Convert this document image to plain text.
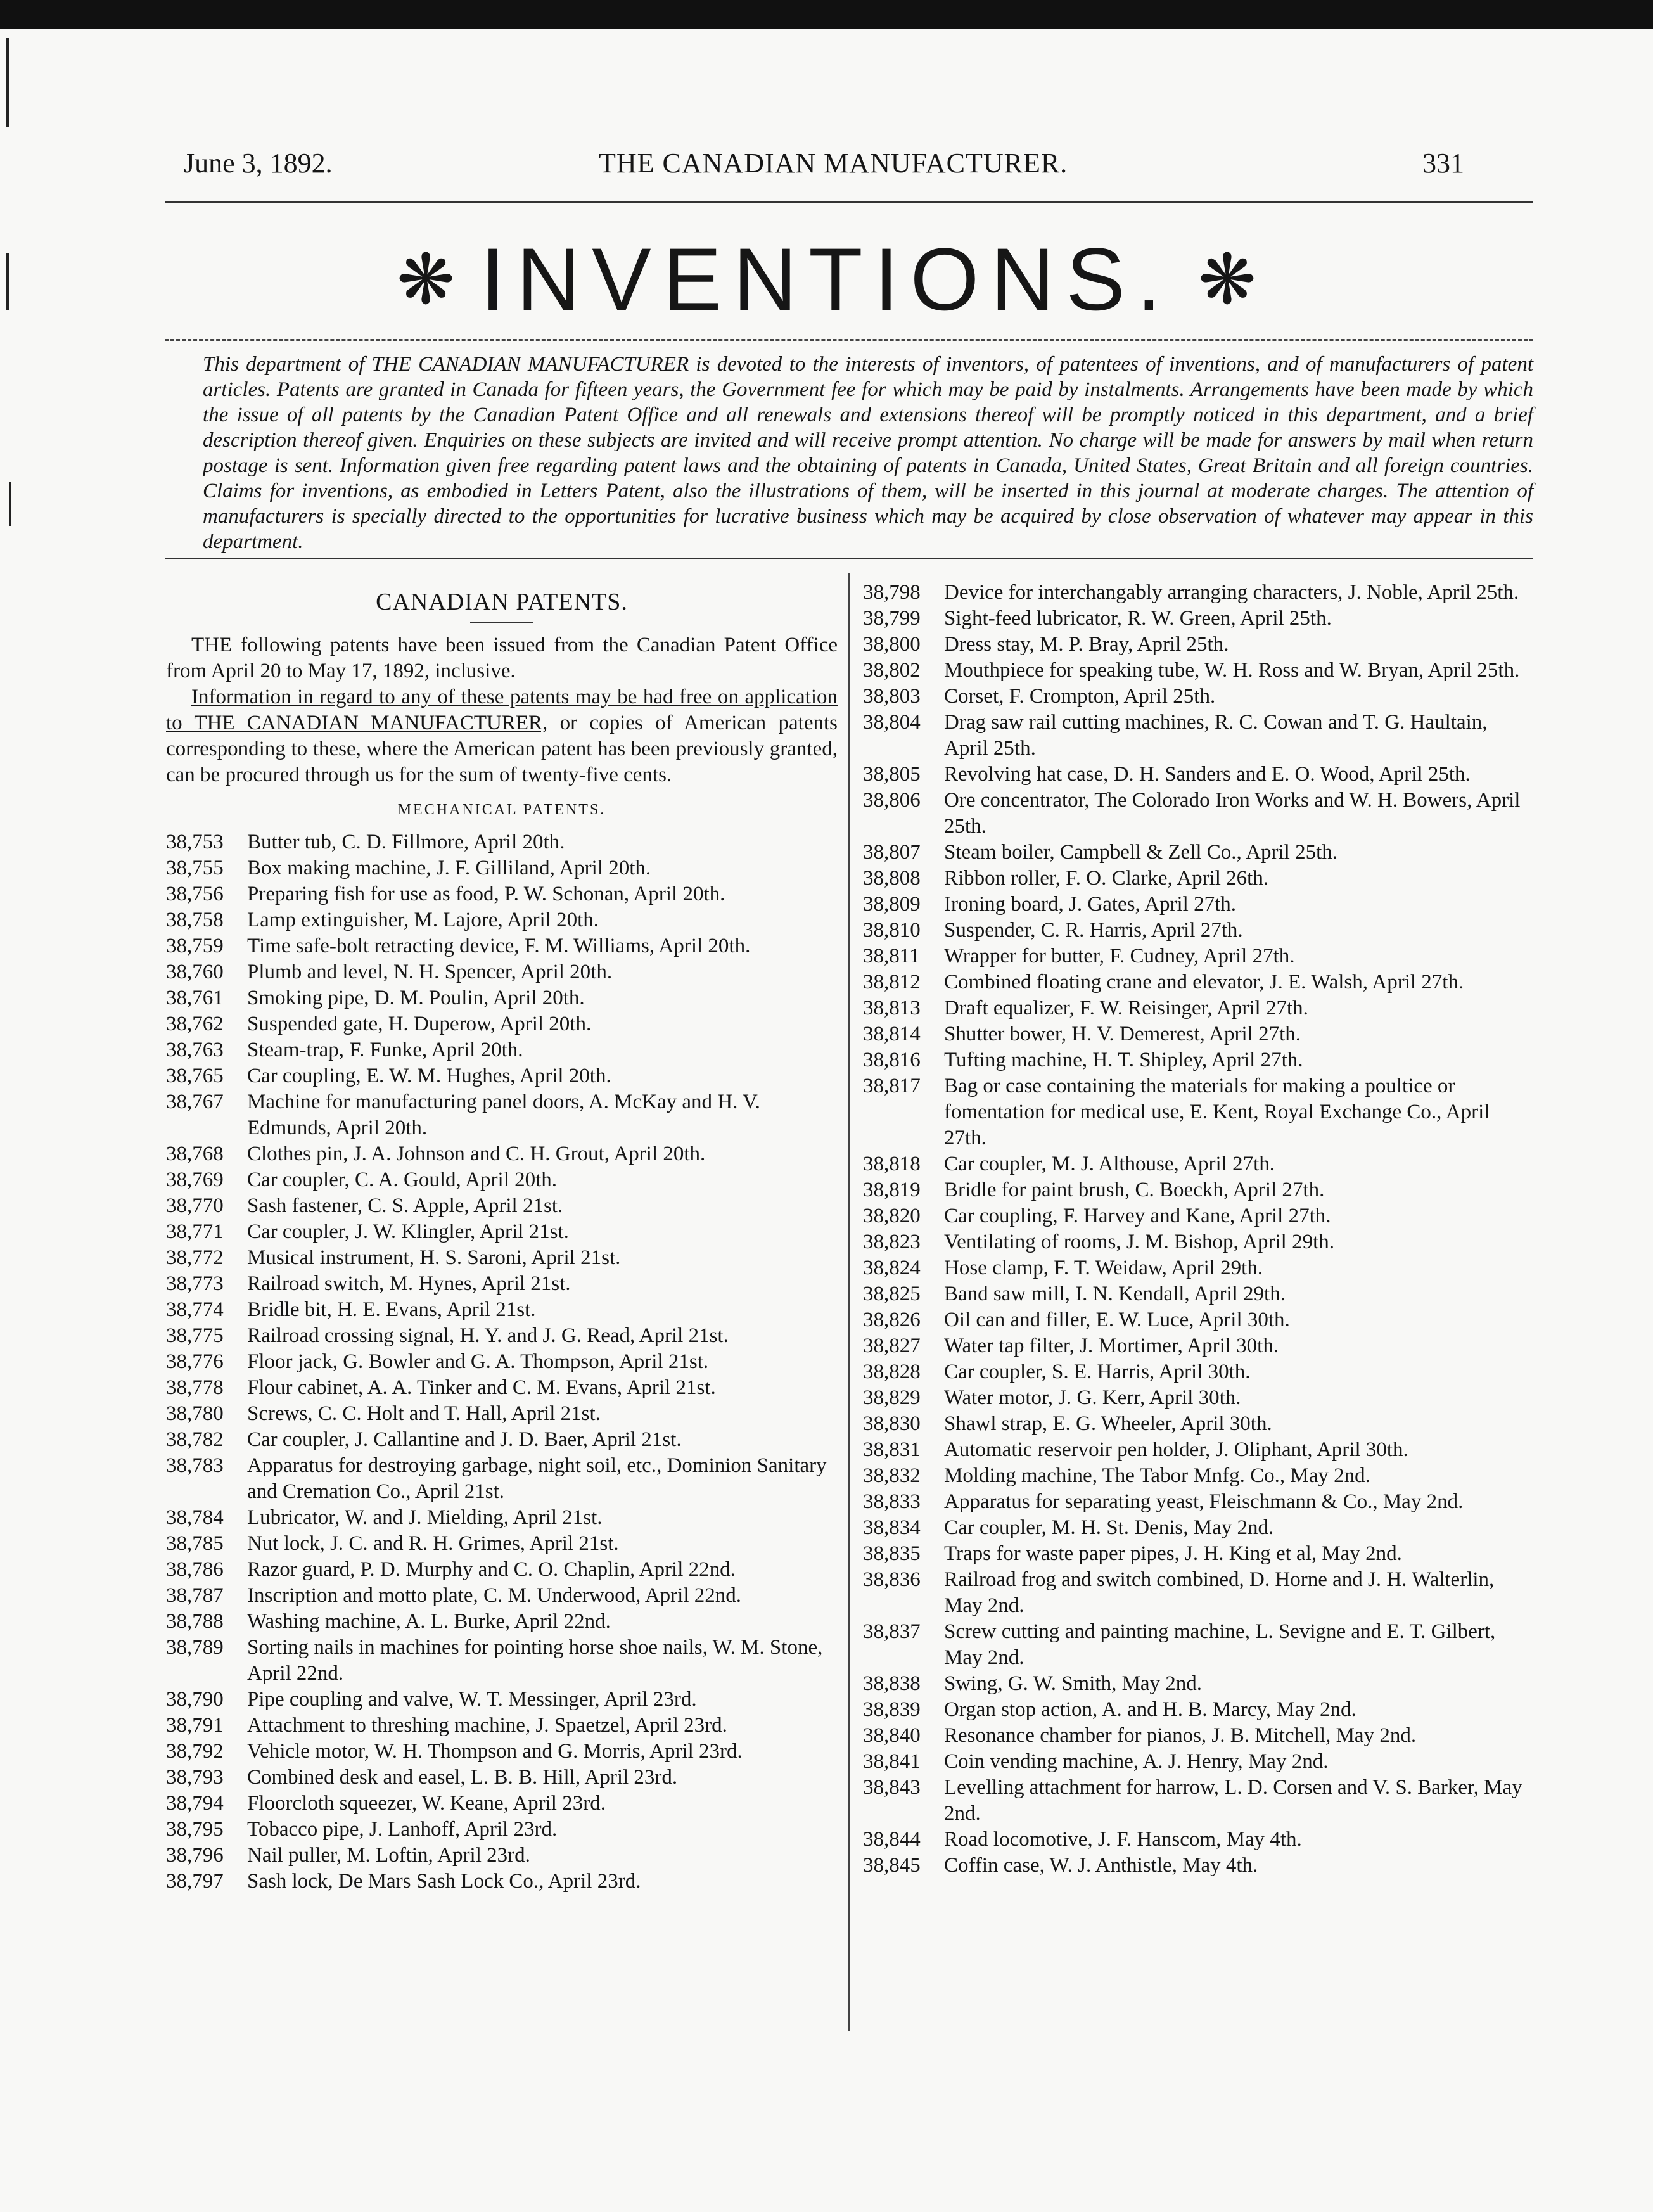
June 3, 1892.	THE CANADIAN MANUFACTURER.	331
❋ INVENTIONS. ❋
This department of THE CANADIAN MANUFACTURER is devoted to the interests of inventors, of patentees of inventions, and of manufacturers of patent articles. Patents are granted in Canada for fifteen years, the Government fee for which may be paid by instalments. Arrangements have been made by which the issue of all patents by the Canadian Patent Office and all renewals and extensions thereof will be promptly noticed in this department, and a brief description thereof given. Enquiries on these subjects are invited and will receive prompt attention. No charge will be made for answers by mail when return postage is sent. Information given free regarding patent laws and the obtaining of patents in Canada, United States, Great Britain and all foreign countries. Claims for inventions, as embodied in Letters Patent, also the illustrations of them, will be inserted in this journal at moderate charges. The attention of manufacturers is specially directed to the opportunities for lucrative business which may be acquired by close observation of whatever may appear in this department.
CANADIAN PATENTS.

THE following patents have been issued from the Canadian Patent Office from April 20 to May 17, 1892, inclusive.

Information in regard to any of these patents may be had free on application to THE CANADIAN MANUFACTURER, or copies of American patents corresponding to these, where the American patent has been previously granted, can be procured through us for the sum of twenty-five cents.

MECHANICAL PATENTS.
38,753	Butter tub, C. D. Fillmore, April 20th.
38,755	Box making machine, J. F. Gilliland, April 20th.
38,756	Preparing fish for use as food, P. W. Schonan, April 20th.
38,758	Lamp extinguisher, M. Lajore, April 20th.
38,759	Time safe-bolt retracting device, F. M. Williams, April 20th.
38,760	Plumb and level, N. H. Spencer, April 20th.
38,761	Smoking pipe, D. M. Poulin, April 20th.
38,762	Suspended gate, H. Duperow, April 20th.
38,763	Steam-trap, F. Funke, April 20th.
38,765	Car coupling, E. W. M. Hughes, April 20th.
38,767	Machine for manufacturing panel doors, A. McKay and H. V. Edmunds, April 20th.
38,768	Clothes pin, J. A. Johnson and C. H. Grout, April 20th.
38,769	Car coupler, C. A. Gould, April 20th.
38,770	Sash fastener, C. S. Apple, April 21st.
38,771	Car coupler, J. W. Klingler, April 21st.
38,772	Musical instrument, H. S. Saroni, April 21st.
38,773	Railroad switch, M. Hynes, April 21st.
38,774	Bridle bit, H. E. Evans, April 21st.
38,775	Railroad crossing signal, H. Y. and J. G. Read, April 21st.
38,776	Floor jack, G. Bowler and G. A. Thompson, April 21st.
38,778	Flour cabinet, A. A. Tinker and C. M. Evans, April 21st.
38,780	Screws, C. C. Holt and T. Hall, April 21st.
38,782	Car coupler, J. Callantine and J. D. Baer, April 21st.
38,783	Apparatus for destroying garbage, night soil, etc., Dominion Sanitary and Cremation Co., April 21st.
38,784	Lubricator, W. and J. Mielding, April 21st.
38,785	Nut lock, J. C. and R. H. Grimes, April 21st.
38,786	Razor guard, P. D. Murphy and C. O. Chaplin, April 22nd.
38,787	Inscription and motto plate, C. M. Underwood, April 22nd.
38,788	Washing machine, A. L. Burke, April 22nd.
38,789	Sorting nails in machines for pointing horse shoe nails, W. M. Stone, April 22nd.
38,790	Pipe coupling and valve, W. T. Messinger, April 23rd.
38,791	Attachment to threshing machine, J. Spaetzel, April 23rd.
38,792	Vehicle motor, W. H. Thompson and G. Morris, April 23rd.
38,793	Combined desk and easel, L. B. B. Hill, April 23rd.
38,794	Floorcloth squeezer, W. Keane, April 23rd.
38,795	Tobacco pipe, J. Lanhoff, April 23rd.
38,796	Nail puller, M. Loftin, April 23rd.
38,797	Sash lock, De Mars Sash Lock Co., April 23rd.
38,798	Device for interchangably arranging characters, J. Noble, April 25th.
38,799	Sight-feed lubricator, R. W. Green, April 25th.
38,800	Dress stay, M. P. Bray, April 25th.
38,802	Mouthpiece for speaking tube, W. H. Ross and W. Bryan, April 25th.
38,803	Corset, F. Crompton, April 25th.
38,804	Drag saw rail cutting machines, R. C. Cowan and T. G. Haultain, April 25th.
38,805	Revolving hat case, D. H. Sanders and E. O. Wood, April 25th.
38,806	Ore concentrator, The Colorado Iron Works and W. H. Bowers, April 25th.
38,807	Steam boiler, Campbell & Zell Co., April 25th.
38,808	Ribbon roller, F. O. Clarke, April 26th.
38,809	Ironing board, J. Gates, April 27th.
38,810	Suspender, C. R. Harris, April 27th.
38,811	Wrapper for butter, F. Cudney, April 27th.
38,812	Combined floating crane and elevator, J. E. Walsh, April 27th.
38,813	Draft equalizer, F. W. Reisinger, April 27th.
38,814	Shutter bower, H. V. Demerest, April 27th.
38,816	Tufting machine, H. T. Shipley, April 27th.
38,817	Bag or case containing the materials for making a poultice or fomentation for medical use, E. Kent, Royal Exchange Co., April 27th.
38,818	Car coupler, M. J. Althouse, April 27th.
38,819	Bridle for paint brush, C. Boeckh, April 27th.
38,820	Car coupling, F. Harvey and Kane, April 27th.
38,823	Ventilating of rooms, J. M. Bishop, April 29th.
38,824	Hose clamp, F. T. Weidaw, April 29th.
38,825	Band saw mill, I. N. Kendall, April 29th.
38,826	Oil can and filler, E. W. Luce, April 30th.
38,827	Water tap filter, J. Mortimer, April 30th.
38,828	Car coupler, S. E. Harris, April 30th.
38,829	Water motor, J. G. Kerr, April 30th.
38,830	Shawl strap, E. G. Wheeler, April 30th.
38,831	Automatic reservoir pen holder, J. Oliphant, April 30th.
38,832	Molding machine, The Tabor Mnfg. Co., May 2nd.
38,833	Apparatus for separating yeast, Fleischmann & Co., May 2nd.
38,834	Car coupler, M. H. St. Denis, May 2nd.
38,835	Traps for waste paper pipes, J. H. King et al, May 2nd.
38,836	Railroad frog and switch combined, D. Horne and J. H. Walterlin, May 2nd.
38,837	Screw cutting and painting machine, L. Sevigne and E. T. Gilbert, May 2nd.
38,838	Swing, G. W. Smith, May 2nd.
38,839	Organ stop action, A. and H. B. Marcy, May 2nd.
38,840	Resonance chamber for pianos, J. B. Mitchell, May 2nd.
38,841	Coin vending machine, A. J. Henry, May 2nd.
38,843	Levelling attachment for harrow, L. D. Corsen and V. S. Barker, May 2nd.
38,844	Road locomotive, J. F. Hanscom, May 4th.
38,845	Coffin case, W. J. Anthistle, May 4th.
